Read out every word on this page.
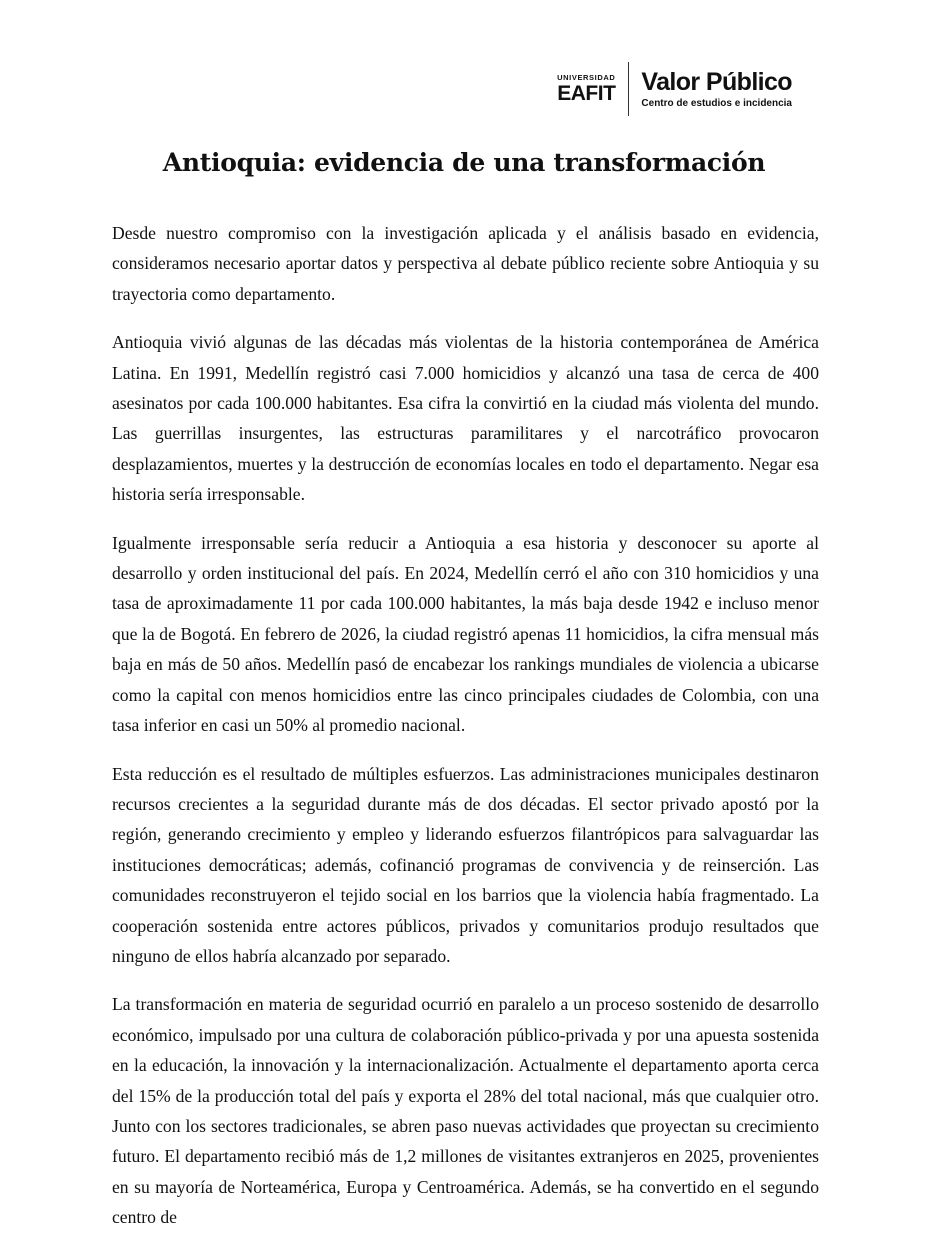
UNIVERSIDAD
EAFIT Valor Público
Centro de estudios e incidencia
Antioquia: evidencia de una transformación

Desde nuestro compromiso con la investigación aplicada y el análisis basado en evidencia, consideramos necesario aportar datos y perspectiva al debate público reciente sobre Antioquia y su trayectoria como departamento.

Antioquia vivió algunas de las décadas más violentas de la historia contemporánea de América Latina. En 1991, Medellín registró casi 7.000 homicidios y alcanzó una tasa de cerca de 400 asesinatos por cada 100.000 habitantes. Esa cifra la convirtió en la ciudad más violenta del mundo. Las guerrillas insurgentes, las estructuras paramilitares y el narcotráfico provocaron desplazamientos, muertes y la destrucción de economías locales en todo el departamento. Negar esa historia sería irresponsable.

Igualmente irresponsable sería reducir a Antioquia a esa historia y desconocer su aporte al desarrollo y orden institucional del país. En 2024, Medellín cerró el año con 310 homicidios y una tasa de aproximadamente 11 por cada 100.000 habitantes, la más baja desde 1942 e incluso menor que la de Bogotá. En febrero de 2026, la ciudad registró apenas 11 homicidios, la cifra mensual más baja en más de 50 años. Medellín pasó de encabezar los rankings mundiales de violencia a ubicarse como la capital con menos homicidios entre las cinco principales ciudades de Colombia, con una tasa inferior en casi un 50% al promedio nacional.

Esta reducción es el resultado de múltiples esfuerzos. Las administraciones municipales destinaron recursos crecientes a la seguridad durante más de dos décadas. El sector privado apostó por la región, generando crecimiento y empleo y liderando esfuerzos filantrópicos para salvaguardar las instituciones democráticas; además, cofinanció programas de convivencia y de reinserción. Las comunidades reconstruyeron el tejido social en los barrios que la violencia había fragmentado. La cooperación sostenida entre actores públicos, privados y comunitarios produjo resultados que ninguno de ellos habría alcanzado por separado.

La transformación en materia de seguridad ocurrió en paralelo a un proceso sostenido de desarrollo económico, impulsado por una cultura de colaboración público-privada y por una apuesta sostenida en la educación, la innovación y la internacionalización. Actualmente el departamento aporta cerca del 15% de la producción total del país y exporta el 28% del total nacional, más que cualquier otro. Junto con los sectores tradicionales, se abren paso nuevas actividades que proyectan su crecimiento futuro. El departamento recibió más de 1,2 millones de visitantes extranjeros en 2025, provenientes en su mayoría de Norteamérica, Europa y Centroamérica. Además, se ha convertido en el segundo centro de
